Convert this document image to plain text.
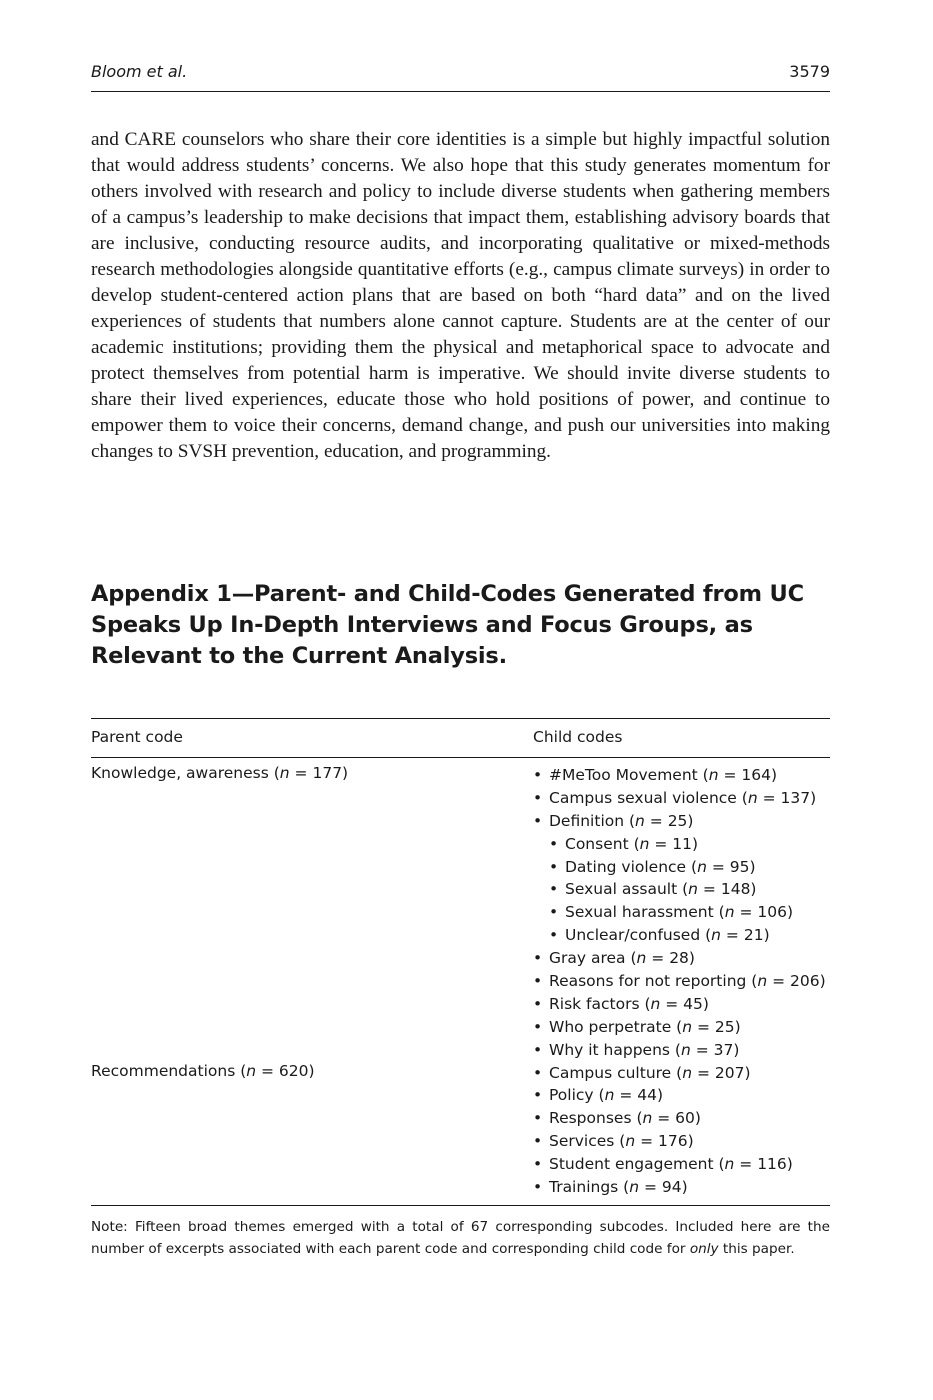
Bloom et al.	3579

and CARE counselors who share their core identities is a simple but highly impactful solution that would address students’ concerns. We also hope that this study generates momentum for others involved with research and policy to include diverse students when gathering members of a campus’s leadership to make decisions that impact them, establishing advisory boards that are inclusive, conducting resource audits, and incorporating qualitative or mixed-methods research methodologies alongside quantitative efforts (e.g., campus climate surveys) in order to develop student-centered action plans that are based on both “hard data” and on the lived experiences of students that numbers alone cannot capture. Students are at the center of our academic institutions; providing them the physical and metaphorical space to advocate and protect themselves from potential harm is imperative. We should invite diverse students to share their lived experiences, educate those who hold positions of power, and continue to empower them to voice their concerns, demand change, and push our universities into making changes to SVSH prevention, education, and programming.

Appendix 1—Parent- and Child-Codes Generated from UC Speaks Up In-Depth Interviews and Focus Groups, as Relevant to the Current Analysis.
Parent code	Child codes
Knowledge, awareness (n = 177)	• #MeToo Movement (n = 164)
• Campus sexual violence (n = 137)
• Definition (n = 25)
• Consent (n = 11)
• Dating violence (n = 95)
• Sexual assault (n = 148)
• Sexual harassment (n = 106)
• Unclear/confused (n = 21)
• Gray area (n = 28)
• Reasons for not reporting (n = 206)
• Risk factors (n = 45)
• Who perpetrate (n = 25)
• Why it happens (n = 37)
Recommendations (n = 620)	• Campus culture (n = 207)
• Policy (n = 44)
• Responses (n = 60)
• Services (n = 176)
• Student engagement (n = 116)
• Trainings (n = 94)

Note: Fifteen broad themes emerged with a total of 67 corresponding subcodes. Included here are the number of excerpts associated with each parent code and corresponding child code for only this paper.
